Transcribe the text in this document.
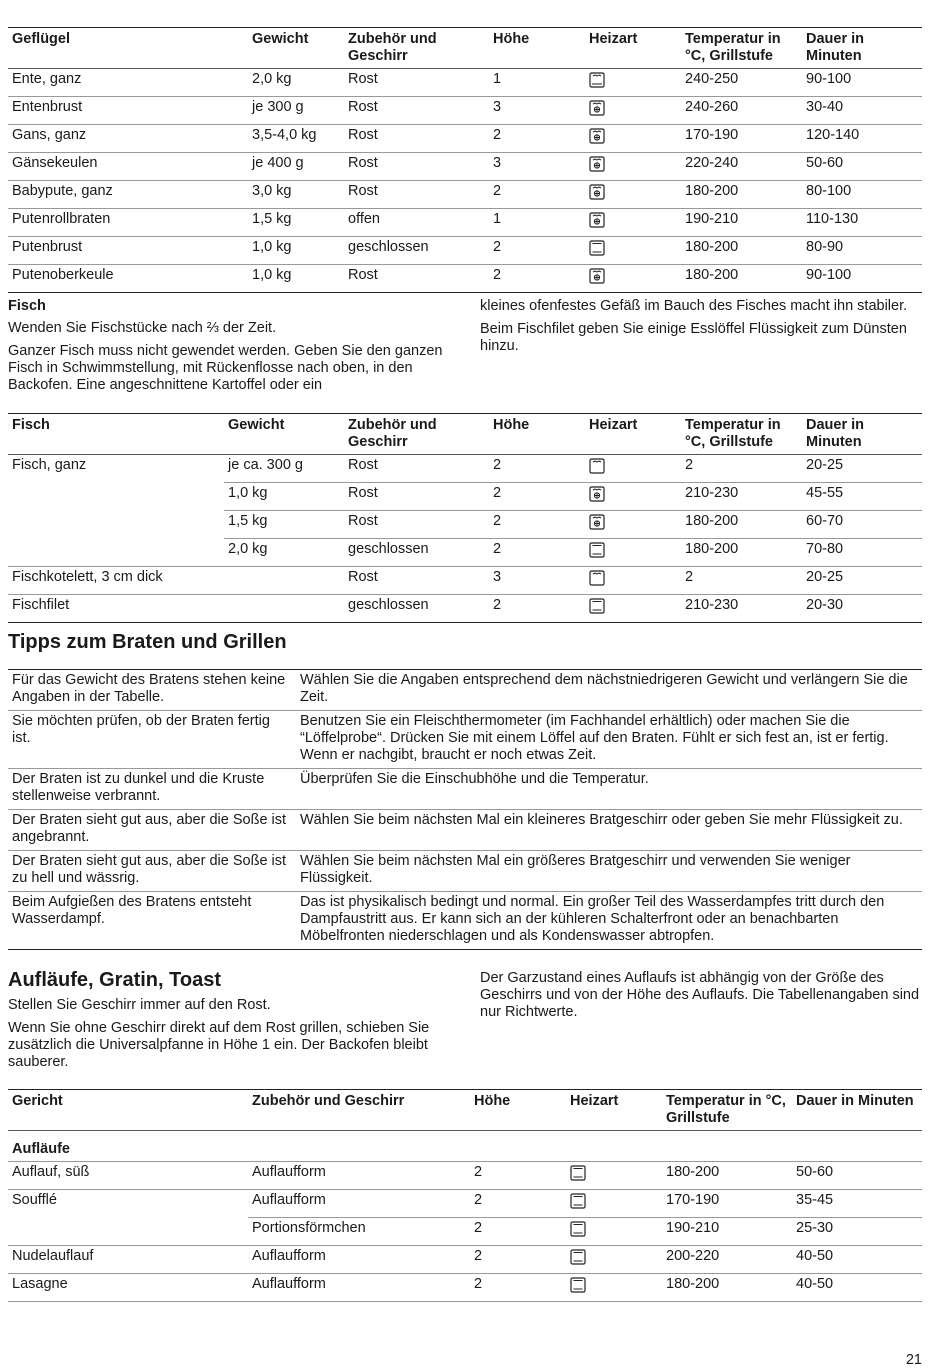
Geflügel	Gewicht	Zubehör und Geschirr	Höhe	Heizart	Temperatur in °C, Grillstufe	Dauer in Minuten
Ente, ganz	2,0 kg	Rost	1		240-250	90-100
Entenbrust	je 300 g	Rost	3		240-260	30-40
Gans, ganz	3,5-4,0 kg	Rost	2		170-190	120-140
Gänsekeulen	je 400 g	Rost	3		220-240	50-60
Babypute, ganz	3,0 kg	Rost	2		180-200	80-100
Putenrollbraten	1,5 kg	offen	1		190-210	110-130
Putenbrust	1,0 kg	geschlossen	2		180-200	80-90
Putenoberkeule	1,0 kg	Rost	2		180-200	90-100
Fisch

Wenden Sie Fischstücke nach ⅔ der Zeit.

Ganzer Fisch muss nicht gewendet werden. Geben Sie den ganzen Fisch in Schwimmstellung, mit Rückenflosse nach oben, in den Backofen. Eine angeschnittene Kartoffel oder ein

kleines ofenfestes Gefäß im Bauch des Fisches macht ihn stabiler.

Beim Fischfilet geben Sie einige Esslöffel Flüssigkeit zum Dünsten hinzu.

Fisch	Gewicht	Zubehör und Geschirr	Höhe	Heizart	Temperatur in °C, Grillstufe	Dauer in Minuten
Fisch, ganz	je ca. 300 g	Rost	2		2	20-25
	1,0 kg	Rost	2		210-230	45-55
	1,5 kg	Rost	2		180-200	60-70
	2,0 kg	geschlossen	2		180-200	70-80
Fischkotelett, 3 cm dick		Rost	3		2	20-25
Fischfilet		geschlossen	2		210-230	20-30
Tipps zum Braten und Grillen
Für das Gewicht des Bratens stehen keine Angaben in der Tabelle.	Wählen Sie die Angaben entsprechend dem nächstniedrigeren Gewicht und verlängern Sie die Zeit.
Sie möchten prüfen, ob der Braten fertig ist.	Benutzen Sie ein Fleischthermometer (im Fachhandel erhältlich) oder machen Sie die “Löffelprobe“. Drücken Sie mit einem Löffel auf den Braten. Fühlt er sich fest an, ist er fertig. Wenn er nachgibt, braucht er noch etwas Zeit.
Der Braten ist zu dunkel und die Kruste stellenweise verbrannt.	Überprüfen Sie die Einschubhöhe und die Temperatur.
Der Braten sieht gut aus, aber die Soße ist angebrannt.	Wählen Sie beim nächsten Mal ein kleineres Bratgeschirr oder geben Sie mehr Flüssigkeit zu.
Der Braten sieht gut aus, aber die Soße ist zu hell und wässrig.	Wählen Sie beim nächsten Mal ein größeres Bratgeschirr und verwenden Sie weniger Flüssigkeit.
Beim Aufgießen des Bratens entsteht Wasserdampf.	Das ist physikalisch bedingt und normal. Ein großer Teil des Wasserdampfes tritt durch den Dampfaustritt aus. Er kann sich an der kühleren Schalterfront oder an benachbarten Möbelfronten niederschlagen und als Kondenswasser abtropfen.
Aufläufe, Gratin, Toast

Stellen Sie Geschirr immer auf den Rost.

Wenn Sie ohne Geschirr direkt auf dem Rost grillen, schieben Sie zusätzlich die Universalpfanne in Höhe 1 ein. Der Backofen bleibt sauberer.

Der Garzustand eines Auflaufs ist abhängig von der Größe des Geschirrs und von der Höhe des Auflaufs. Die Tabellenangaben sind nur Richtwerte.

Gericht	Zubehör und Geschirr	Höhe	Heizart	Temperatur in °C, Grillstufe	Dauer in Minuten
Aufläufe					
Auflauf, süß	Auflaufform	2		180-200	50-60
Soufflé	Auflaufform	2		170-190	35-45
	Portionsförmchen	2		190-210	25-30
Nudelauflauf	Auflaufform	2		200-220	40-50
Lasagne	Auflaufform	2		180-200	40-50
21
